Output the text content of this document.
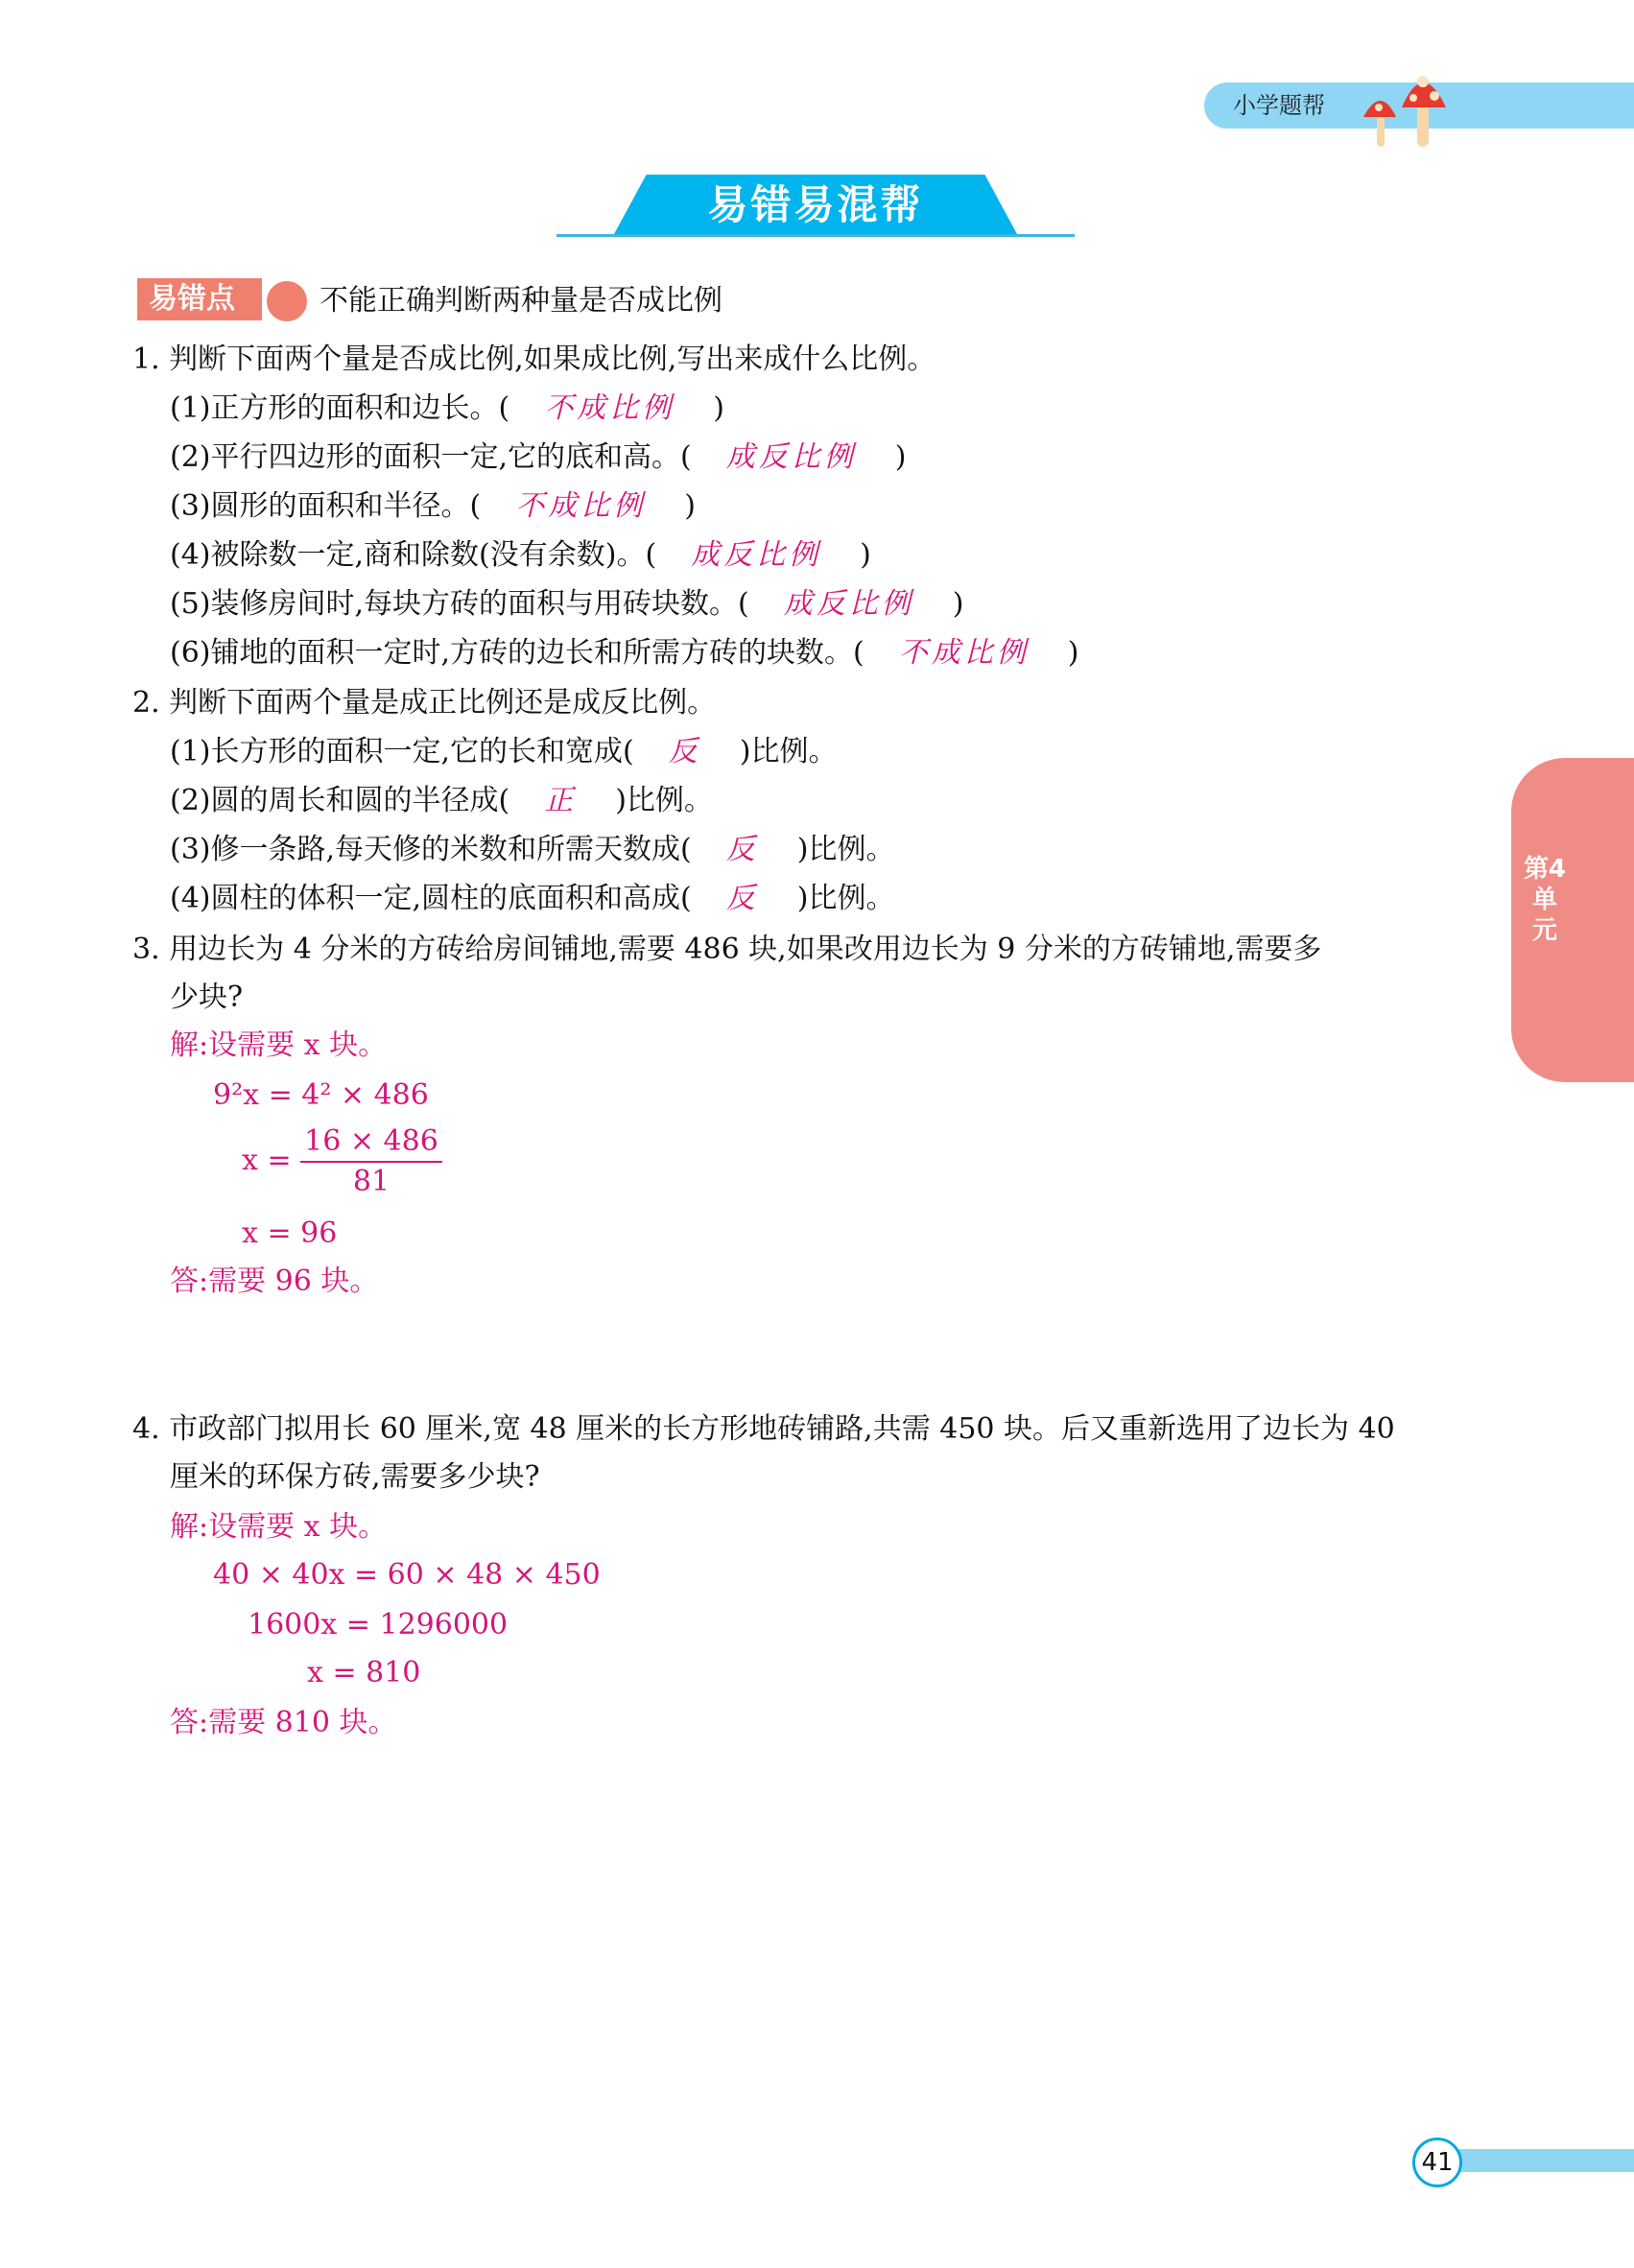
小学题帮
易错易混帮
易错点	不能正确判断两种量是否成比例
第4单元
1. 判断下面两个量是否成比例,如果成比例,写出来成什么比例。
2. 判断下面两个量是成正比例还是成反比例。
3. 用边长为 4 分米的方砖给房间铺地,需要 486 块,如果改用边长为 9 分米的方砖铺地,需要多
少块?
解:设需要 x 块。
9²x = 4² × 486
$x = \frac{16 \times 486}{81}$
x = 96
答:需要 96 块。
4. 市政部门拟用长 60 厘米,宽 48 厘米的长方形地砖铺路,共需 450 块。后又重新选用了边长为 40
厘米的环保方砖,需要多少块?
解:设需要 x 块。
40 × 40x = 60 × 48 × 450
1600x = 1296000
x = 810
答:需要 810 块。
41
(1)正方形的面积和边长。( 不成比例 )
(2)平行四边形的面积一定,它的底和高。( 成反比例 )
(3)圆形的面积和半径。( 不成比例 )
(4)被除数一定,商和除数(没有余数)。( 成反比例 )
(5)装修房间时,每块方砖的面积与用砖块数。( 成反比例 )
(6)铺地的面积一定时,方砖的边长和所需方砖的块数。( 不成比例 )
(1)长方形的面积一定,它的长和宽成( 反 )比例。
(2)圆的周长和圆的半径成( 正 )比例。
(3)修一条路,每天修的米数和所需天数成( 反 )比例。
(4)圆柱的体积一定,圆柱的底面积和高成( 反 )比例。
